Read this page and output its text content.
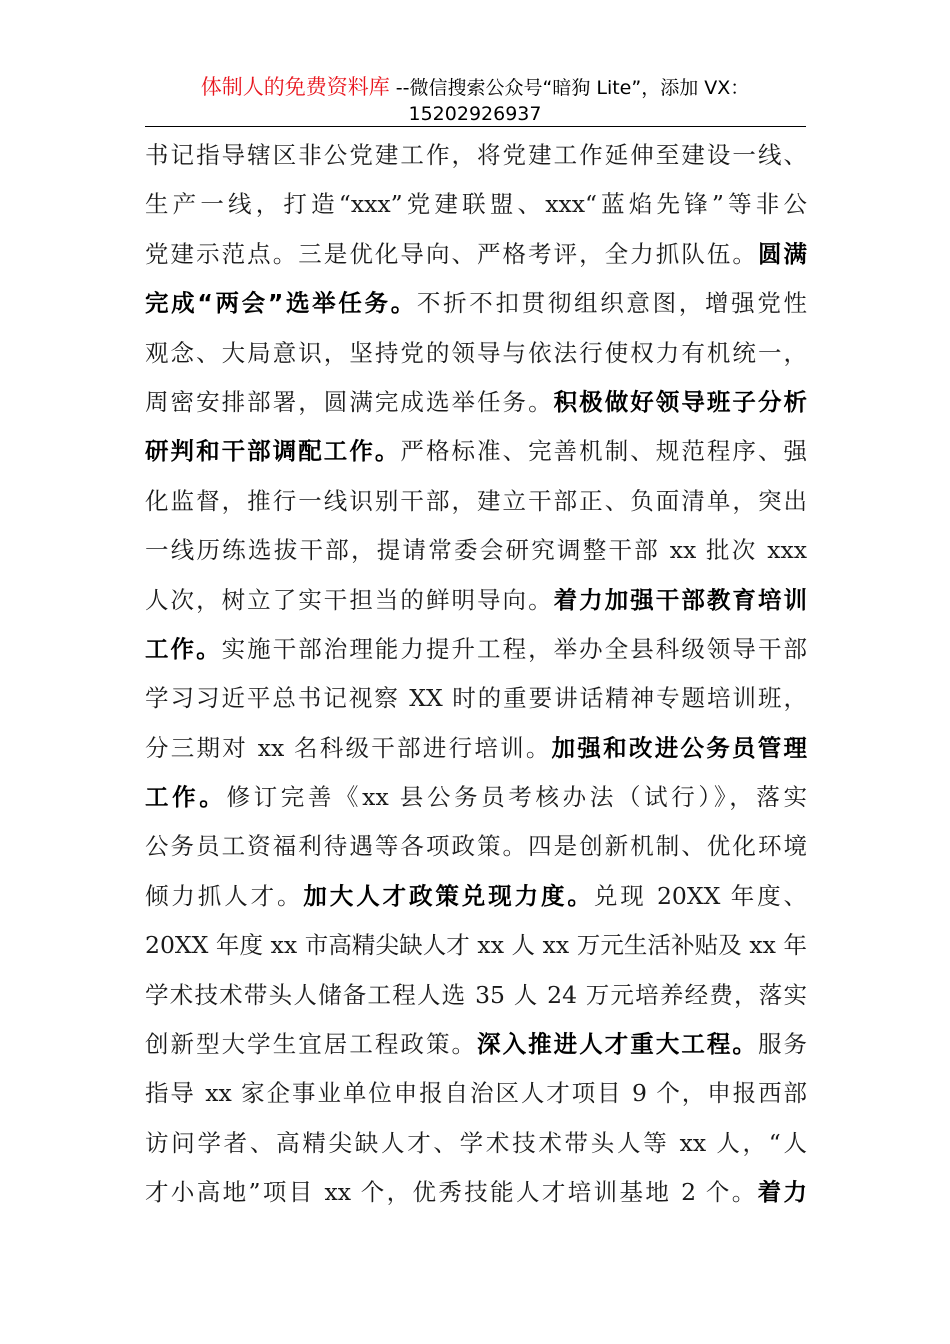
体制人的免费资料库 --微信搜索公众号“暗狗 Lite”，添加 VX：
15202926937
书记指导辖区非公党建工作，将党建工作延伸至建设一线、
生产一线，打造“xxx”党建联盟、xxx“蓝焰先锋”等非公
党建示范点。三是优化导向、严格考评，全力抓队伍。圆满
完成“两会”选举任务。不折不扣贯彻组织意图，增强党性
观念、大局意识，坚持党的领导与依法行使权力有机统一，
周密安排部署，圆满完成选举任务。积极做好领导班子分析
研判和干部调配工作。严格标准、完善机制、规范程序、强
化监督，推行一线识别干部，建立干部正、负面清单，突出
一线历练选拔干部，提请常委会研究调整干部 xx 批次 xxx
人次，树立了实干担当的鲜明导向。着力加强干部教育培训
工作。实施干部治理能力提升工程，举办全县科级领导干部
学习习近平总书记视察 XX 时的重要讲话精神专题培训班，
分三期对 xx 名科级干部进行培训。加强和改进公务员管理
工作。修订完善《xx 县公务员考核办法（试行）》，落实
公务员工资福利待遇等各项政策。四是创新机制、优化环境
倾力抓人才。加大人才政策兑现力度。兑现 20XX 年度、
20XX 年度 xx 市高精尖缺人才 xx 人 xx 万元生活补贴及 xx 年
学术技术带头人储备工程人选 35 人 24 万元培养经费，落实
创新型大学生宜居工程政策。深入推进人才重大工程。服务
指导 xx 家企事业单位申报自治区人才项目 9 个，申报西部
访问学者、高精尖缺人才、学术技术带头人等 xx 人，“人
才小高地”项目 xx 个，优秀技能人才培训基地 2 个。着力
